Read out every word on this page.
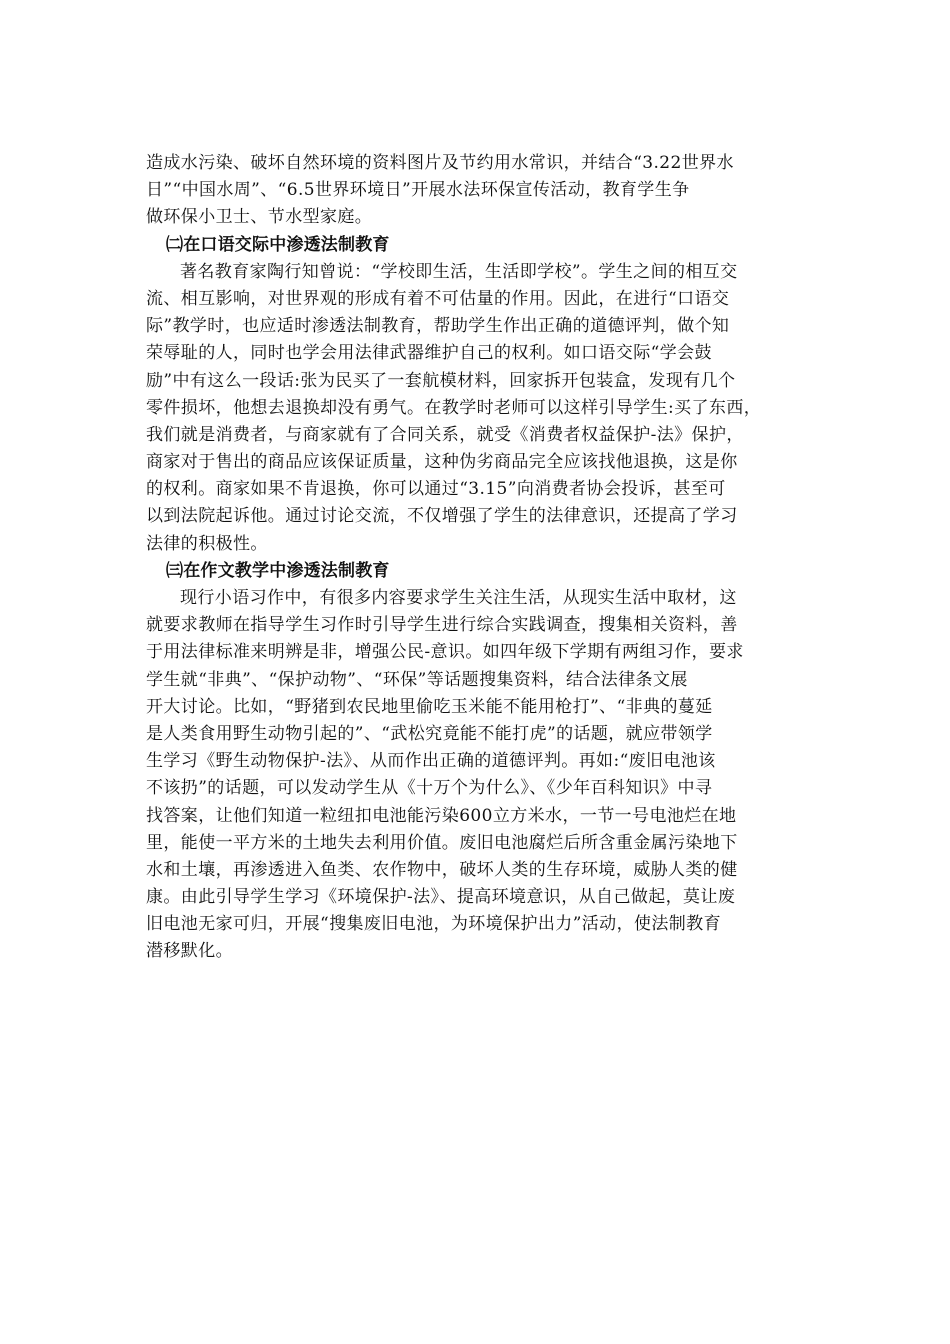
造成水污染、破坏自然环境的资料图片及节约用水常识，并结合“3.22世界水
日”“中国水周”、“6.5世界环境日”开展水法环保宣传活动，教育学生争
做环保小卫士、节水型家庭。
㈡在口语交际中渗透法制教育
著名教育家陶行知曾说：“学校即生活，生活即学校”。学生之间的相互交
流、相互影响，对世界观的形成有着不可估量的作用。因此，在进行“口语交
际”教学时，也应适时渗透法制教育，帮助学生作出正确的道德评判，做个知
荣辱耻的人，同时也学会用法律武器维护自己的权利。如口语交际“学会鼓
励”中有这么一段话:张为民买了一套航模材料，回家拆开包装盒，发现有几个
零件损坏，他想去退换却没有勇气。在教学时老师可以这样引导学生:买了东西，
我们就是消费者，与商家就有了合同关系，就受《消费者权益保护-法》保护，
商家对于售出的商品应该保证质量，这种伪劣商品完全应该找他退换，这是你
的权利。商家如果不肯退换，你可以通过“3.15”向消费者协会投诉，甚至可
以到法院起诉他。通过讨论交流，不仅增强了学生的法律意识，还提高了学习
法律的积极性。
㈢在作文教学中渗透法制教育
现行小语习作中，有很多内容要求学生关注生活，从现实生活中取材，这
就要求教师在指导学生习作时引导学生进行综合实践调查，搜集相关资料，善
于用法律标准来明辨是非，增强公民-意识。如四年级下学期有两组习作，要求
学生就“非典”、“保护动物”、“环保”等话题搜集资料，结合法律条文展
开大讨论。比如，“野猪到农民地里偷吃玉米能不能用枪打”、“非典的蔓延
是人类食用野生动物引起的”、“武松究竟能不能打虎”的话题，就应带领学
生学习《野生动物保护-法》、从而作出正确的道德评判。再如:“废旧电池该
不该扔”的话题，可以发动学生从《十万个为什么》、《少年百科知识》中寻
找答案，让他们知道一粒纽扣电池能污染600立方米水，一节一号电池烂在地
里，能使一平方米的土地失去利用价值。废旧电池腐烂后所含重金属污染地下
水和土壤，再渗透进入鱼类、农作物中，破坏人类的生存环境，威胁人类的健
康。由此引导学生学习《环境保护-法》、提高环境意识，从自己做起，莫让废
旧电池无家可归，开展“搜集废旧电池，为环境保护出力”活动，使法制教育
潜移默化。
